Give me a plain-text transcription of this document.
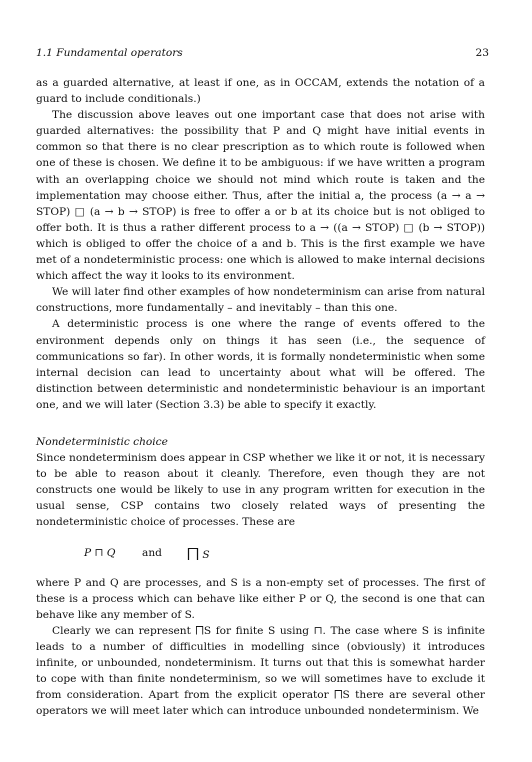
1.1 Fundamental operators	23

as a guarded alternative, at least if one, as in OCCAM, extends the notation of a guard to include conditionals.)

The discussion above leaves out one important case that does not arise with guarded alternatives: the possibility that P and Q might have initial events in common so that there is no clear prescription as to which route is followed when one of these is chosen. We define it to be ambiguous: if we have written a program with an overlapping choice we should not mind which route is taken and the implementation may choose either. Thus, after the initial a, the process (a → a → STOP) □ (a → b → STOP) is free to offer a or b at its choice but is not obliged to offer both. It is thus a rather different process to a → ((a → STOP) □ (b → STOP)) which is obliged to offer the choice of a and b. This is the first example we have met of a nondeterministic process: one which is allowed to make internal decisions which affect the way it looks to its environment.

We will later find other examples of how nondeterminism can arise from natural constructions, more fundamentally – and inevitably – than this one.

A deterministic process is one where the range of events offered to the environment depends only on things it has seen (i.e., the sequence of communications so far). In other words, it is formally nondeterministic when some internal decision can lead to uncertainty about what will be offered. The distinction between deterministic and nondeterministic behaviour is an important one, and we will later (Section 3.3) be able to specify it exactly.

Nondeterministic choice

Since nondeterminism does appear in CSP whether we like it or not, it is necessary to be able to reason about it cleanly. Therefore, even though they are not constructs one would be likely to use in any program written for execution in the usual sense, CSP contains two closely related ways of presenting the nondeterministic choice of processes. These are

P ⊓ Q	and ⨅ S

where P and Q are processes, and S is a non-empty set of processes. The first of these is a process which can behave like either P or Q, the second is one that can behave like any member of S.

Clearly we can represent ⨅S for finite S using ⊓. The case where S is infinite leads to a number of difficulties in modelling since (obviously) it introduces infinite, or unbounded, nondeterminism. It turns out that this is somewhat harder to cope with than finite nondeterminism, so we will sometimes have to exclude it from consideration. Apart from the explicit operator ⨅S there are several other operators we will meet later which can introduce unbounded nondeterminism. We
